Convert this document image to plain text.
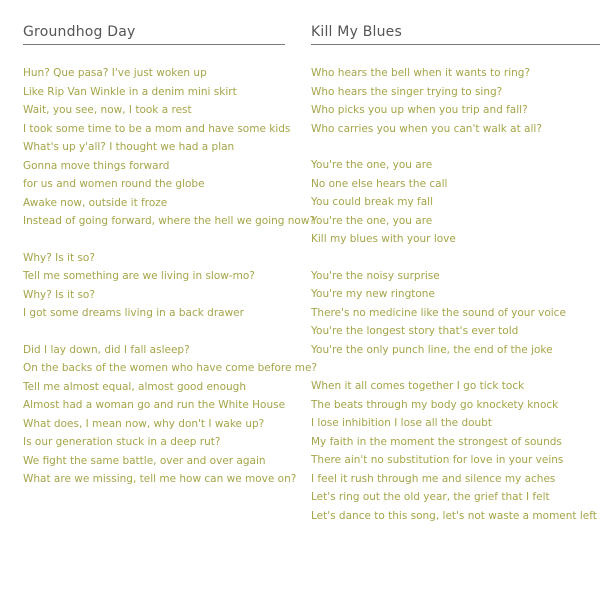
Groundhog Day
Hun? Que pasa? I've just woken up
Like Rip Van Winkle in a denim mini skirt
Wait, you see, now, I took a rest
I took some time to be a mom and have some kids
What's up y'all? I thought we had a plan
Gonna move things forward
for us and women round the globe
Awake now, outside it froze
Instead of going forward, where the hell we going now?
Why? Is it so?
Tell me something are we living in slow-mo?
Why? Is it so?
I got some dreams living in a back drawer
Did I lay down, did I fall asleep?
On the backs of the women who have come before me?
Tell me almost equal, almost good enough
Almost had a woman go and run the White House
What does, I mean now, why don't I wake up?
Is our generation stuck in a deep rut?
We fight the same battle, over and over again
What are we missing, tell me how can we move on?
Kill My Blues
Who hears the bell when it wants to ring?
Who hears the singer trying to sing?
Who picks you up when you trip and fall?
Who carries you when you can't walk at all?
You're the one, you are
No one else hears the call
You could break my fall
You're the one, you are
Kill my blues with your love
You're the noisy surprise
You're my new ringtone
There's no medicine like the sound of your voice
You're the longest story that's ever told
You're the only punch line, the end of the joke
When it all comes together I go tick tock
The beats through my body go knockety knock
I lose inhibition I lose all the doubt
My faith in the moment the strongest of sounds
There ain't no substitution for love in your veins
I feel it rush through me and silence my aches
Let's ring out the old year, the grief that I felt
Let's dance to this song, let's not waste a moment left
